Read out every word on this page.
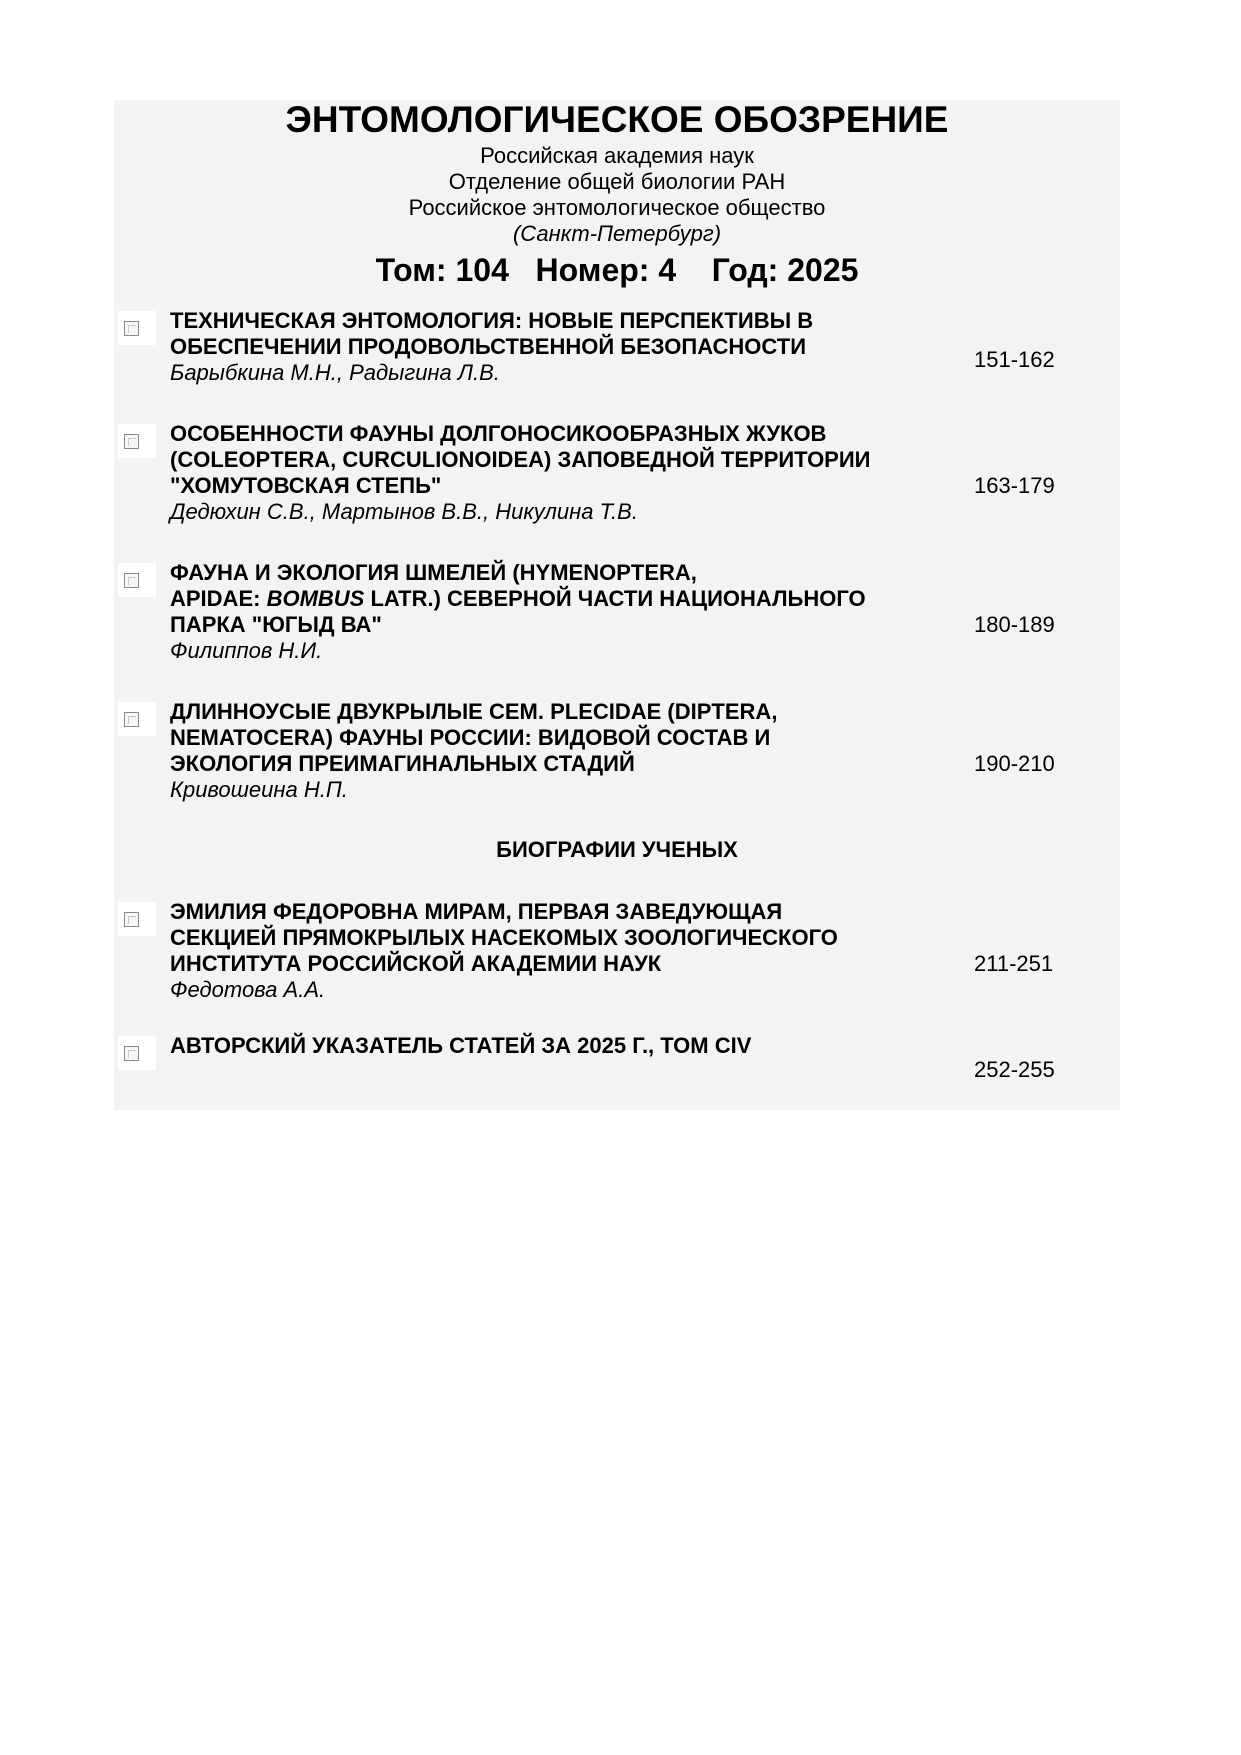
ЭНТОМОЛОГИЧЕСКОЕ ОБОЗРЕНИЕ
Российская академия наук
Отделение общей биологии РАН
Российское энтомологическое общество
(Санкт-Петербург)
Том: 104   Номер: 4    Год: 2025

ТЕХНИЧЕСКАЯ ЭНТОМОЛОГИЯ: НОВЫЕ ПЕРСПЕКТИВЫ В

ОБЕСПЕЧЕНИИ ПРОДОВОЛЬСТВЕННОЙ БЕЗОПАСНОСТИ

Барыбкина М.Н., Радыгина Л.В.

151-162

ОСОБЕННОСТИ ФАУНЫ ДОЛГОНОСИКООБРАЗНЫХ ЖУКОВ

(COLEOPTERA, CURCULIONOIDEA) ЗАПОВЕДНОЙ ТЕРРИТОРИИ

"ХОМУТОВСКАЯ СТЕПЬ"

Дедюхин С.В., Мартынов В.В., Никулина Т.В.

163-179

ФАУНА И ЭКОЛОГИЯ ШМЕЛЕЙ (HYMENOPTERA,

APIDAE: BOMBUS LATR.) СЕВЕРНОЙ ЧАСТИ НАЦИОНАЛЬНОГО

ПАРКА "ЮГЫД ВА"

Филиппов Н.И.

180-189

ДЛИННОУСЫЕ ДВУКРЫЛЫЕ СЕМ. PLECIDAE (DIPTERA,

NEMATOCERA) ФАУНЫ РОССИИ: ВИДОВОЙ СОСТАВ И

ЭКОЛОГИЯ ПРЕИМАГИНАЛЬНЫХ СТАДИЙ

Кривошеина Н.П.

190-210
БИОГРАФИИ УЧЕНЫХ

ЭМИЛИЯ ФЕДОРОВНА МИРАМ, ПЕРВАЯ ЗАВЕДУЮЩАЯ

СЕКЦИЕЙ ПРЯМОКРЫЛЫХ НАСЕКОМЫХ ЗООЛОГИЧЕСКОГО

ИНСТИТУТА РОССИЙСКОЙ АКАДЕМИИ НАУК

Федотова А.А.

211-251

АВТОРСКИЙ УКАЗАТЕЛЬ СТАТЕЙ ЗА 2025 Г., ТОМ CIV

252-255
